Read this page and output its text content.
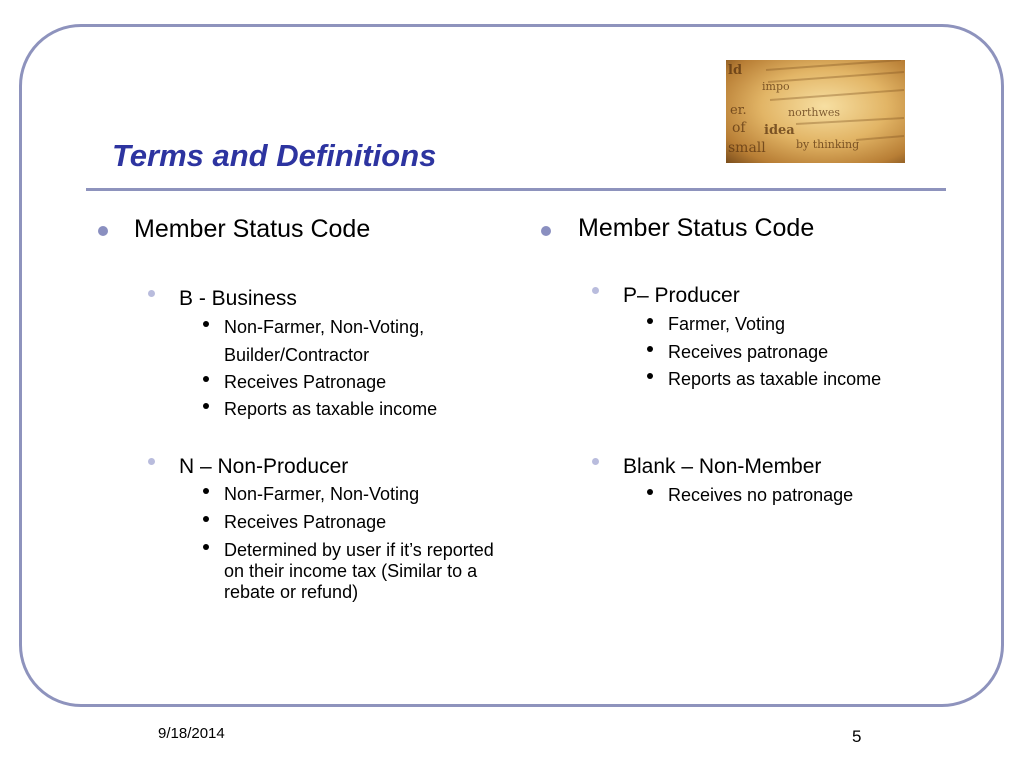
ld
impo
idea
northwes
by thinking
of
small
er.
Terms and Definitions
Member Status Code
B - Business
Non-Farmer, Non-Voting,
Builder/Contractor
Receives Patronage
Reports as taxable income
N – Non-Producer
Non-Farmer, Non-Voting
Receives Patronage
Determined by user if it’s reported on their income tax (Similar to a rebate or refund)
Member Status Code
P– Producer
Farmer, Voting
Receives patronage
Reports as taxable income
Blank – Non-Member
Receives no patronage
9/18/2014	5
